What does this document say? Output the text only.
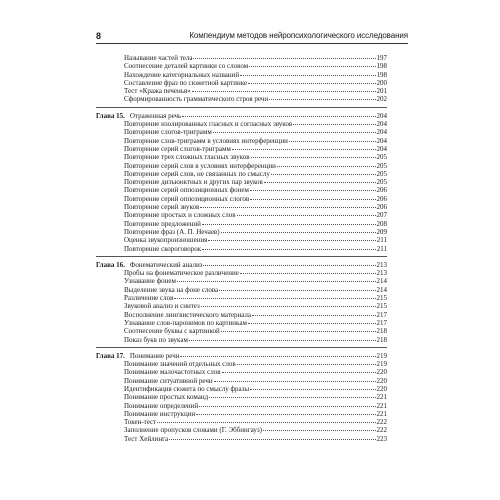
8	Компендиум методов нейропсихологического исследования
Называние частей тела	197
Соотнесение деталей картинки со словом	198
Нахождение категориальных названий	198
Составление фраз по сюжетной картинке	200
Тест «Кража печенья»	201
Сформированность грамматического строя речи	202
Глава 15. Отраженная речь	204
Повторение изолированных гласных и согласных звуков	204
Повторение слогов-триграмм	204
Повторение слов-триграмм в условиях интерференции	204
Повторение серий слогов-триграмм	204
Повторение трех сложных гласных звуков	205
Повторение серий слов в условиях интерференции	205
Повторение серий слов, не связанных по смыслу	205
Повторение дизъюнктных и других пар звуков	205
Повторение серий оппозиционных фонем	206
Повторение серий оппозиционных слогов	206
Повторение серий звуков	206
Повторение простых и сложных слов	207
Повторение предложений	208
Повторение фраз (А. П. Нечаев)	209
Оценка звукопроизношения	211
Повторение скороговорок	211
Глава 16. Фонематический анализ	213
Пробы на фонематическое различение	213
Узнавание фонем	214
Выделение звука на фоне слова	214
Различение слов	215
Звуковой анализ и синтез	215
Восполнение лингвистического материала	217
Узнавание слов-паронимов по картинкам	217
Соотнесение буквы с картинкой	218
Показ букв по звукам	218
Глава 17. Понимание речи	219
Понимание значений отдельных слов	219
Понимание малочастотных слов	220
Понимание ситуативной речи	220
Идентификация сюжета по смыслу фразы	220
Понимание простых команд	221
Понимание определений	221
Понимание инструкции	221
Токен-тест	222
Заполнение пропусков словами (Г. Эббингауз)	222
Тест Хейлинга	223
